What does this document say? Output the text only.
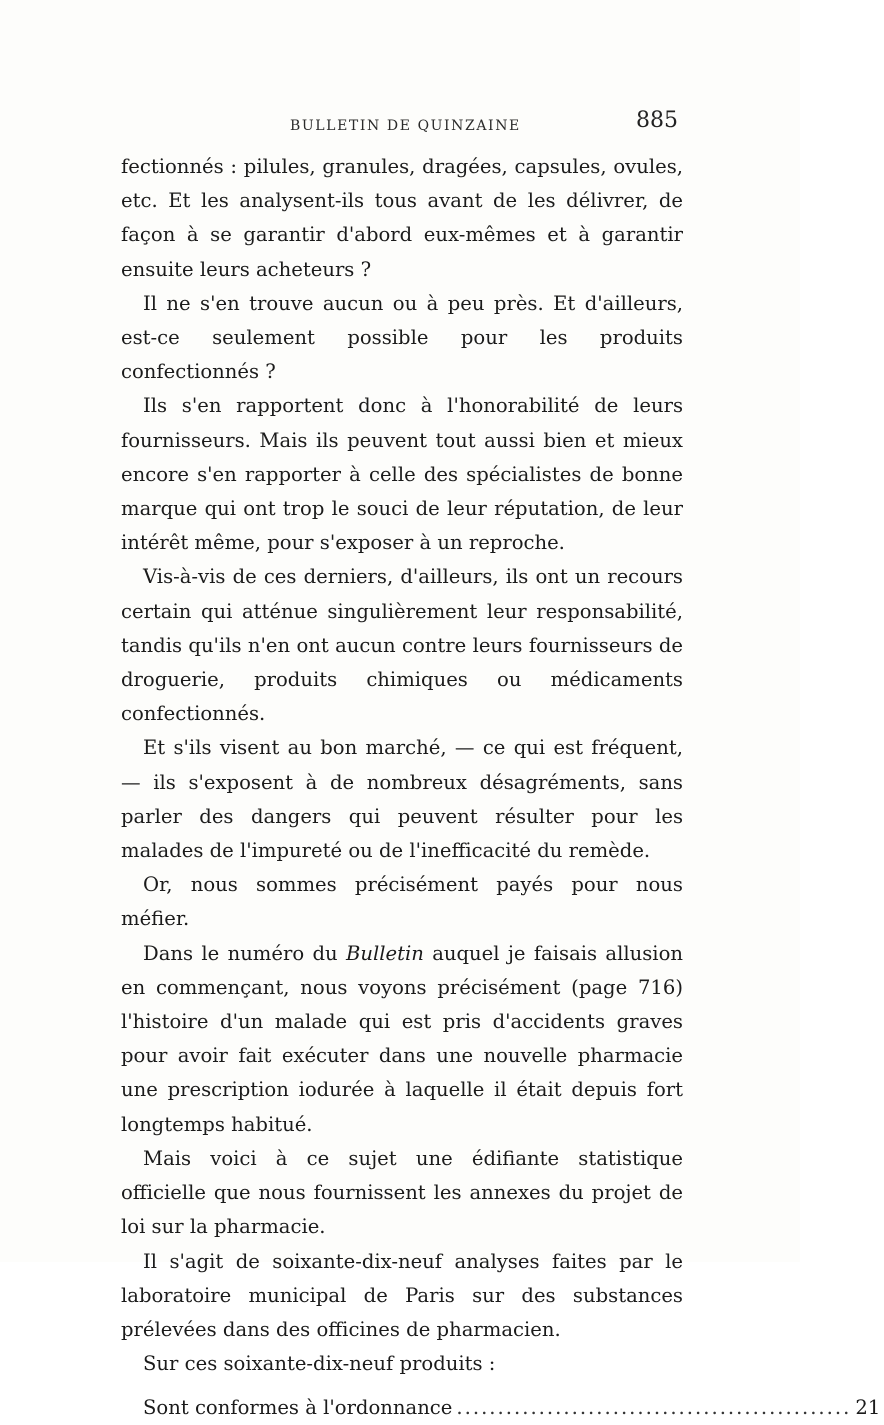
BULLETIN DE QUINZAINE	885

fectionnés : pilules, granules, dragées, capsules, ovules, etc. Et les analysent-ils tous avant de les délivrer, de façon à se garantir d'abord eux-mêmes et à garantir ensuite leurs acheteurs ?

Il ne s'en trouve aucun ou à peu près. Et d'ailleurs, est-ce seulement possible pour les produits confectionnés ?

Ils s'en rapportent donc à l'honorabilité de leurs fournisseurs. Mais ils peuvent tout aussi bien et mieux encore s'en rapporter à celle des spécialistes de bonne marque qui ont trop le souci de leur réputation, de leur intérêt même, pour s'exposer à un reproche.

Vis-à-vis de ces derniers, d'ailleurs, ils ont un recours certain qui atténue singulièrement leur responsabilité, tandis qu'ils n'en ont aucun contre leurs fournisseurs de droguerie, produits chimiques ou médicaments confectionnés.

Et s'ils visent au bon marché, — ce qui est fréquent, — ils s'exposent à de nombreux désagréments, sans parler des dangers qui peuvent résulter pour les malades de l'impureté ou de l'inefficacité du remède.

Or, nous sommes précisément payés pour nous méfier.

Dans le numéro du Bulletin auquel je faisais allusion en commençant, nous voyons précisément (page 716) l'histoire d'un malade qui est pris d'accidents graves pour avoir fait exécuter dans une nouvelle pharmacie une prescription iodurée à laquelle il était depuis fort longtemps habitué.

Mais voici à ce sujet une édifiante statistique officielle que nous fournissent les annexes du projet de loi sur la pharmacie.

Il s'agit de soixante-dix-neuf analyses faites par le laboratoire municipal de Paris sur des substances prélevées dans des officines de pharmacien.

Sur ces soixante-dix-neuf produits :

Sont conformes à l'ordonnance ................................................ 21
